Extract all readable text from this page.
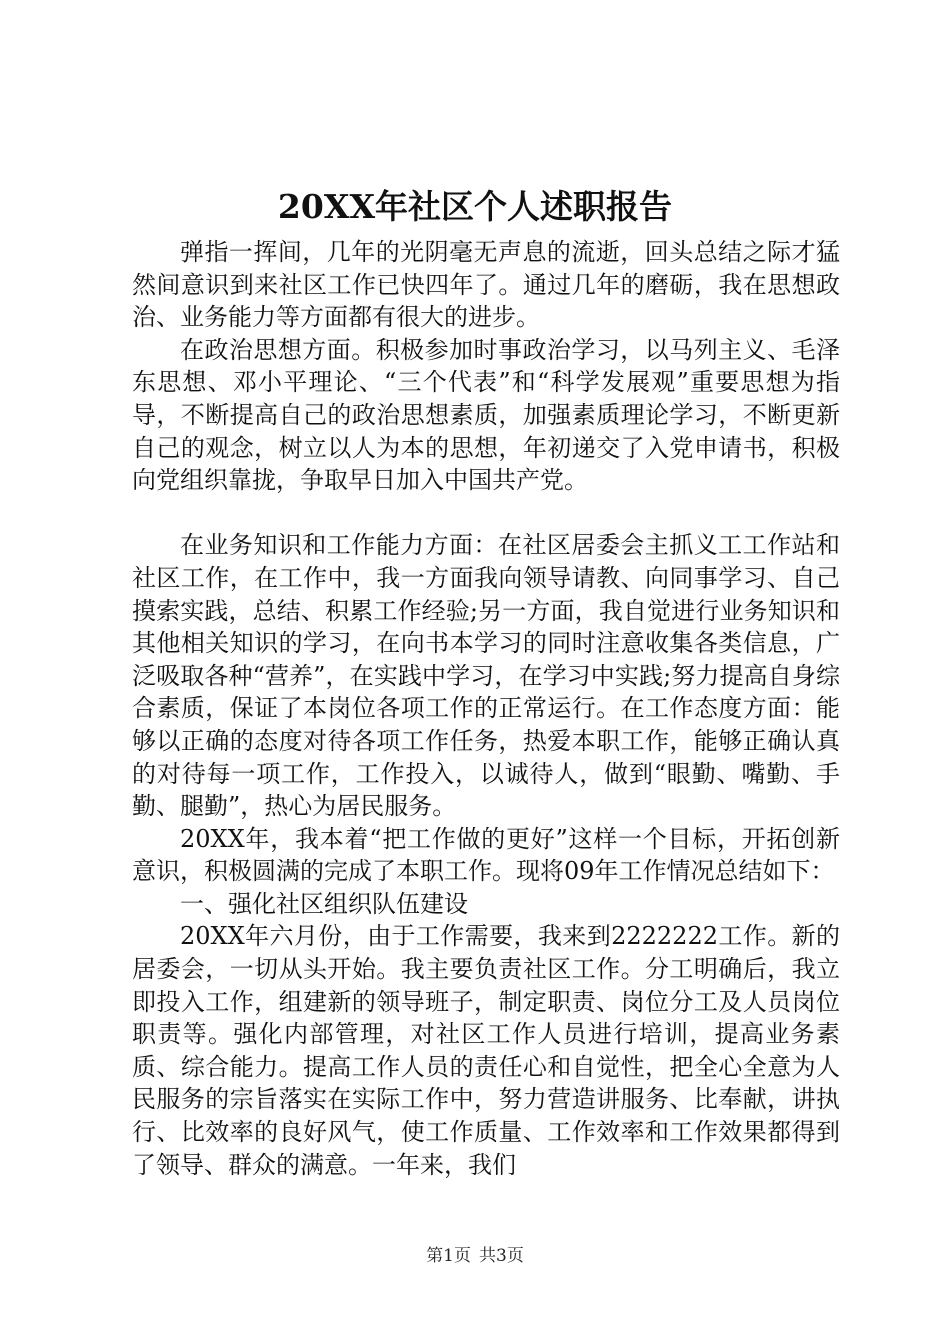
20XX年社区个人述职报告

弹指一挥间，几年的光阴毫无声息的流逝，回头总结之际才猛然间意识到来社区工作已快四年了。通过几年的磨砺，我在思想政治、业务能力等方面都有很大的进步。

在政治思想方面。积极参加时事政治学习，以马列主义、毛泽东思想、邓小平理论、“三个代表”和“科学发展观”重要思想为指导，不断提高自己的政治思想素质，加强素质理论学习，不断更新自己的观念，树立以人为本的思想，年初递交了入党申请书，积极向党组织靠拢，争取早日加入中国共产党。

在业务知识和工作能力方面：在社区居委会主抓义工工作站和社区工作，在工作中，我一方面我向领导请教、向同事学习、自己摸索实践，总结、积累工作经验;另一方面，我自觉进行业务知识和其他相关知识的学习，在向书本学习的同时注意收集各类信息，广泛吸取各种“营养”，在实践中学习，在学习中实践;努力提高自身综合素质，保证了本岗位各项工作的正常运行。在工作态度方面：能够以正确的态度对待各项工作任务，热爱本职工作，能够正确认真的对待每一项工作，工作投入，以诚待人，做到“眼勤、嘴勤、手勤、腿勤”，热心为居民服务。

20XX年，我本着“把工作做的更好”这样一个目标，开拓创新意识，积极圆满的完成了本职工作。现将09年工作情况总结如下：

一、强化社区组织队伍建设

20XX年六月份，由于工作需要，我来到2222222工作。新的居委会，一切从头开始。我主要负责社区工作。分工明确后，我立即投入工作，组建新的领导班子，制定职责、岗位分工及人员岗位职责等。强化内部管理，对社区工作人员进行培训，提高业务素质、综合能力。提高工作人员的责任心和自觉性，把全心全意为人民服务的宗旨落实在实际工作中，努力营造讲服务、比奉献，讲执行、比效率的良好风气，使工作质量、工作效率和工作效果都得到了领导、群众的满意。一年来，我们

第1页 共3页
